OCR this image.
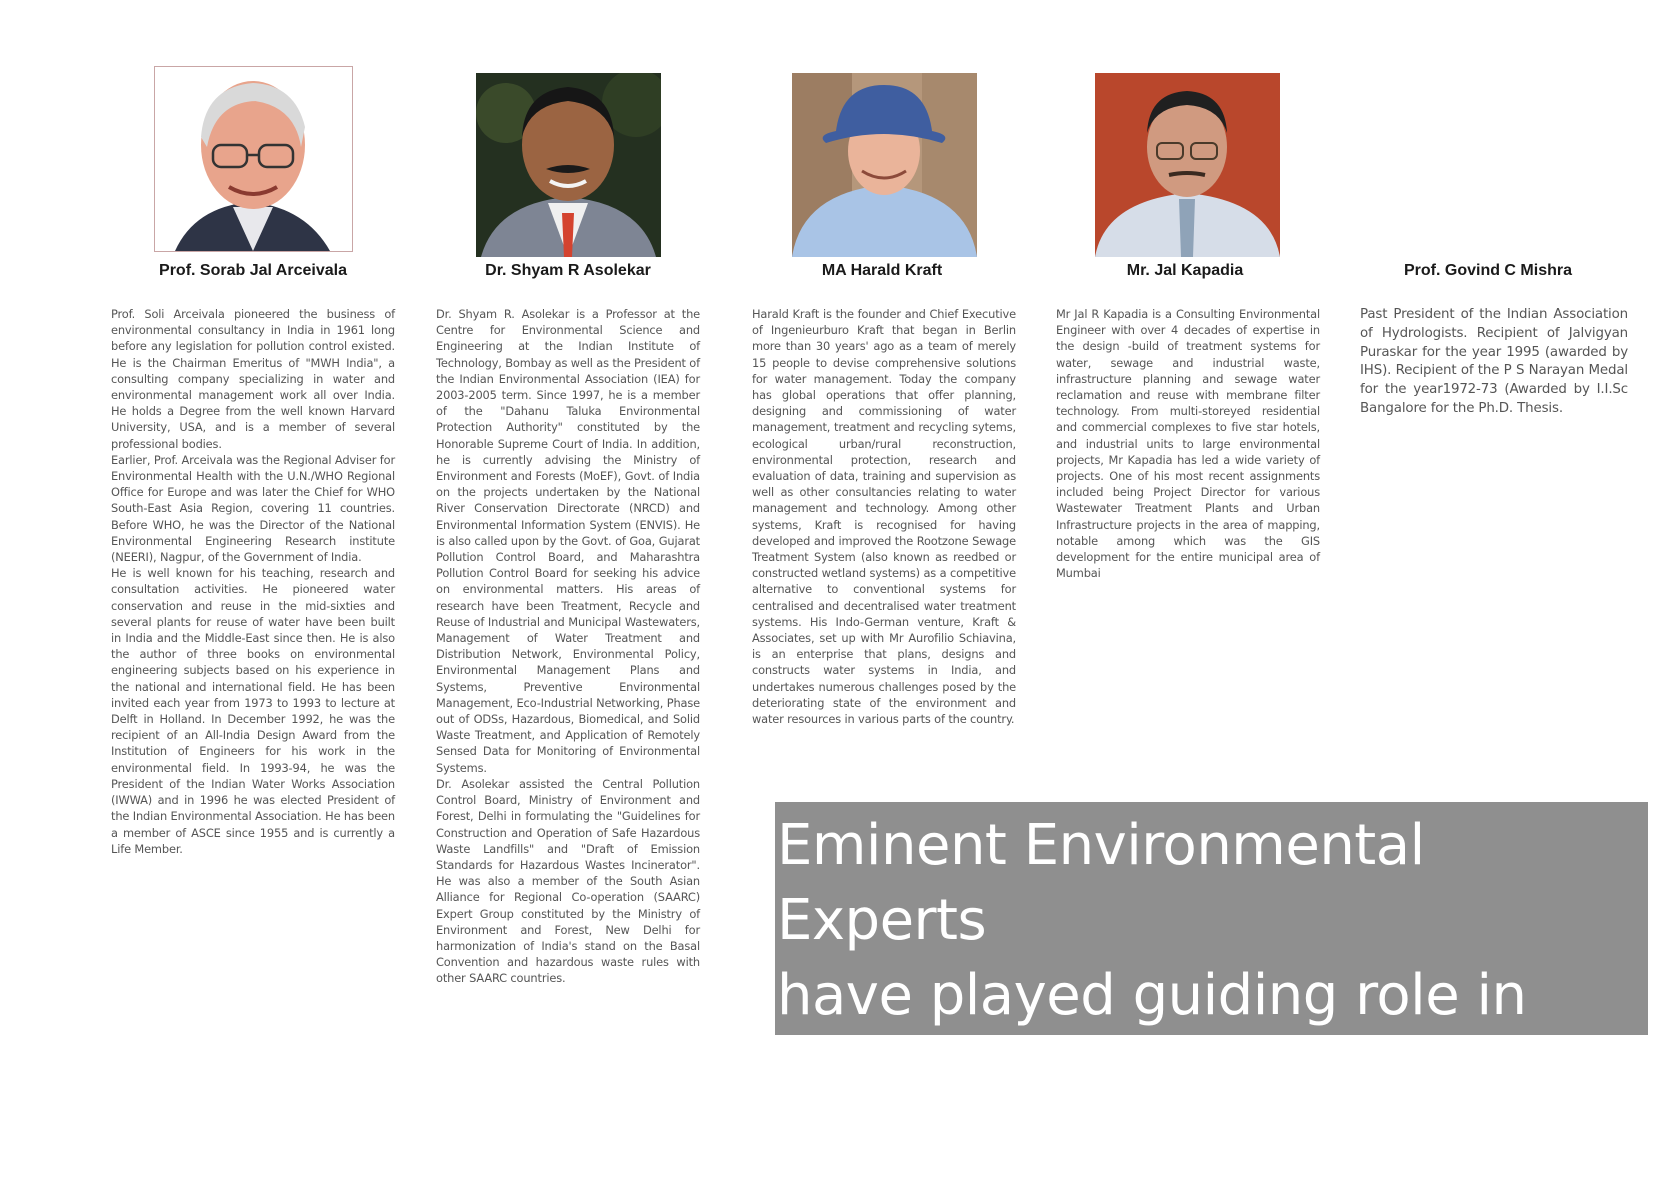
Prof. Sorab Jal Arceivala	Dr. Shyam R Asolekar	MA Harald Kraft	Mr. Jal Kapadia	Prof. Govind C Mishra

Prof. Soli Arceivala pioneered the business of environmental consultancy in India in 1961 long before any legislation for pollution control existed. He is the Chairman Emeritus of "MWH India", a consulting company specializing in water and environmental management work all over India. He holds a Degree from the well known Harvard University, USA, and is a member of several professional bodies.

Earlier, Prof. Arceivala was the Regional Adviser for Environmental Health with the U.N./WHO Regional Office for Europe and was later the Chief for WHO South-East Asia Region, covering 11 countries. Before WHO, he was the Director of the National Environmental Engineering Research institute (NEERI), Nagpur, of the Government of India.

He is well known for his teaching, research and consultation activities. He pioneered water conservation and reuse in the mid-sixties and several plants for reuse of water have been built in India and the Middle-East since then. He is also the author of three books on environmental engineering subjects based on his experience in the national and international field. He has been invited each year from 1973 to 1993 to lecture at Delft in Holland. In December 1992, he was the recipient of an All-India Design Award from the Institution of Engineers for his work in the environmental field. In 1993-94, he was the President of the Indian Water Works Association (IWWA) and in 1996 he was elected President of the Indian Environmental Association. He has been a member of ASCE since 1955 and is currently a Life Member.

Dr. Shyam R. Asolekar is a Professor at the Centre for Environmental Science and Engineering at the Indian Institute of Technology, Bombay as well as the President of the Indian Environmental Association (IEA) for 2003-2005 term. Since 1997, he is a member of the "Dahanu Taluka Environmental Protection Authority" constituted by the Honorable Supreme Court of India. In addition, he is currently advising the Ministry of Environment and Forests (MoEF), Govt. of India on the projects undertaken by the National River Conservation Directorate (NRCD) and Environmental Information System (ENVIS). He is also called upon by the Govt. of Goa, Gujarat Pollution Control Board, and Maharashtra Pollution Control Board for seeking his advice on environmental matters. His areas of research have been Treatment, Recycle and Reuse of Industrial and Municipal Wastewaters, Management of Water Treatment and Distribution Network, Environmental Policy, Environmental Management Plans and Systems, Preventive Environmental Management, Eco-Industrial Networking, Phase out of ODSs, Hazardous, Biomedical, and Solid Waste Treatment, and Application of Remotely Sensed Data for Monitoring of Environmental Systems.

Dr. Asolekar assisted the Central Pollution Control Board, Ministry of Environment and Forest, Delhi in formulating the "Guidelines for Construction and Operation of Safe Hazardous Waste Landfills" and "Draft of Emission Standards for Hazardous Wastes Incinerator". He was also a member of the South Asian Alliance for Regional Co-operation (SAARC) Expert Group constituted by the Ministry of Environment and Forest, New Delhi for harmonization of India's stand on the Basal Convention and hazardous waste rules with other SAARC countries.

Harald Kraft is the founder and Chief Executive of Ingenieurburo Kraft that began in Berlin more than 30 years' ago as a team of merely 15 people to devise comprehensive solutions for water management. Today the company has global operations that offer planning, designing and commissioning of water management, treatment and recycling sytems, ecological urban/rural reconstruction, environmental protection, research and evaluation of data, training and supervision as well as other consultancies relating to water management and technology. Among other systems, Kraft is recognised for having developed and improved the Rootzone Sewage Treatment System (also known as reedbed or constructed wetland systems) as a competitive alternative to conventional systems for centralised and decentralised water treatment systems. His Indo-German venture, Kraft & Associates, set up with Mr Aurofilio Schiavina, is an enterprise that plans, designs and constructs water systems in India, and undertakes numerous challenges posed by the deteriorating state of the environment and water resources in various parts of the country.

Mr Jal R Kapadia is a Consulting Environmental Engineer with over 4 decades of expertise in the design -build of treatment systems for water, sewage and industrial waste, infrastructure planning and sewage water reclamation and reuse with membrane filter technology. From multi-storeyed residential and commercial complexes to five star hotels, and industrial units to large environmental projects, Mr Kapadia has led a wide variety of projects. One of his most recent assignments included being Project Director for various Wastewater Treatment Plants and Urban Infrastructure projects in the area of mapping, notable among which was the GIS development for the entire municipal area of Mumbai

Past President of the Indian Association of Hydrologists. Recipient of Jalvigyan Puraskar for the year 1995 (awarded by IHS). Recipient of the P S Narayan Medal for the year1972-73 (Awarded by I.I.Sc Bangalore for the Ph.D. Thesis.

Eminent Environmental Experts
have played guiding role in revival
of Mansagar lake
